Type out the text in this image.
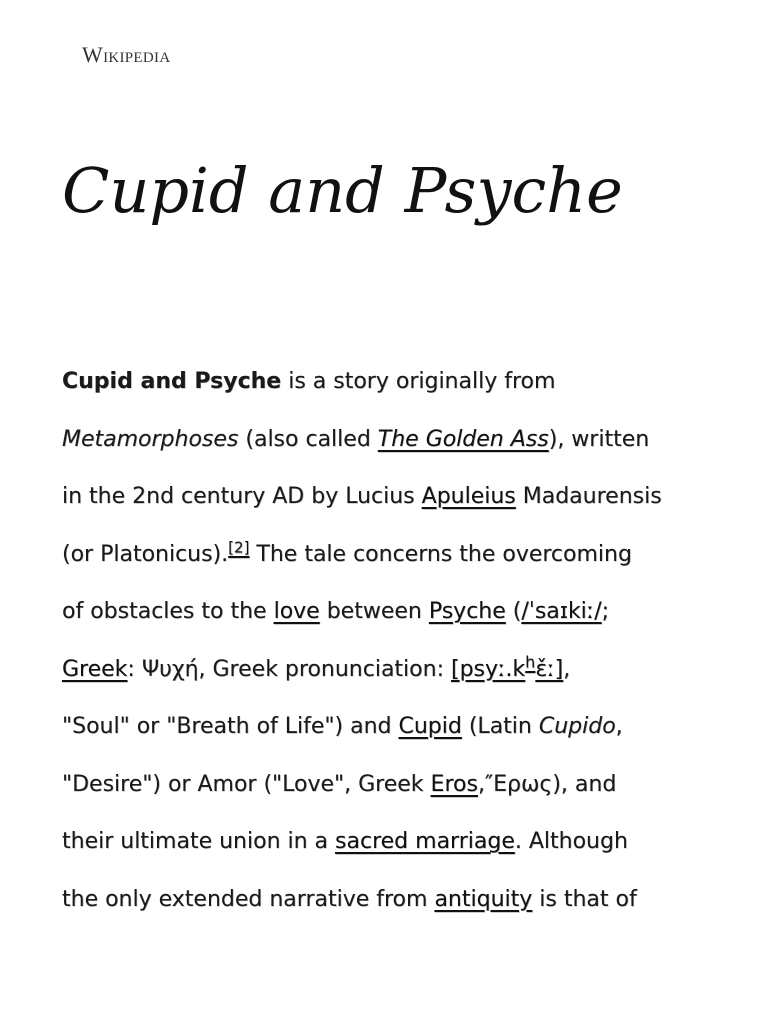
Wikipedia
Cupid and Psyche
Cupid and Psyche is a story originally from
Metamorphoses (also called The Golden Ass), written
in the 2nd century AD by Lucius Apuleius Madaurensis
(or Platonicus).[2] The tale concerns the overcoming
of obstacles to the love between Psyche (/ˈsaɪkiː/;
Greek: Ψυχή, Greek pronunciation: [psyː.k$^h$ɛ̌ː],
"Soul" or "Breath of Life") and Cupid (Latin Cupido,
"Desire") or Amor ("Love", Greek Eros,″Ερως), and
their ultimate union in a sacred marriage. Although
the only extended narrative from antiquity is that of
